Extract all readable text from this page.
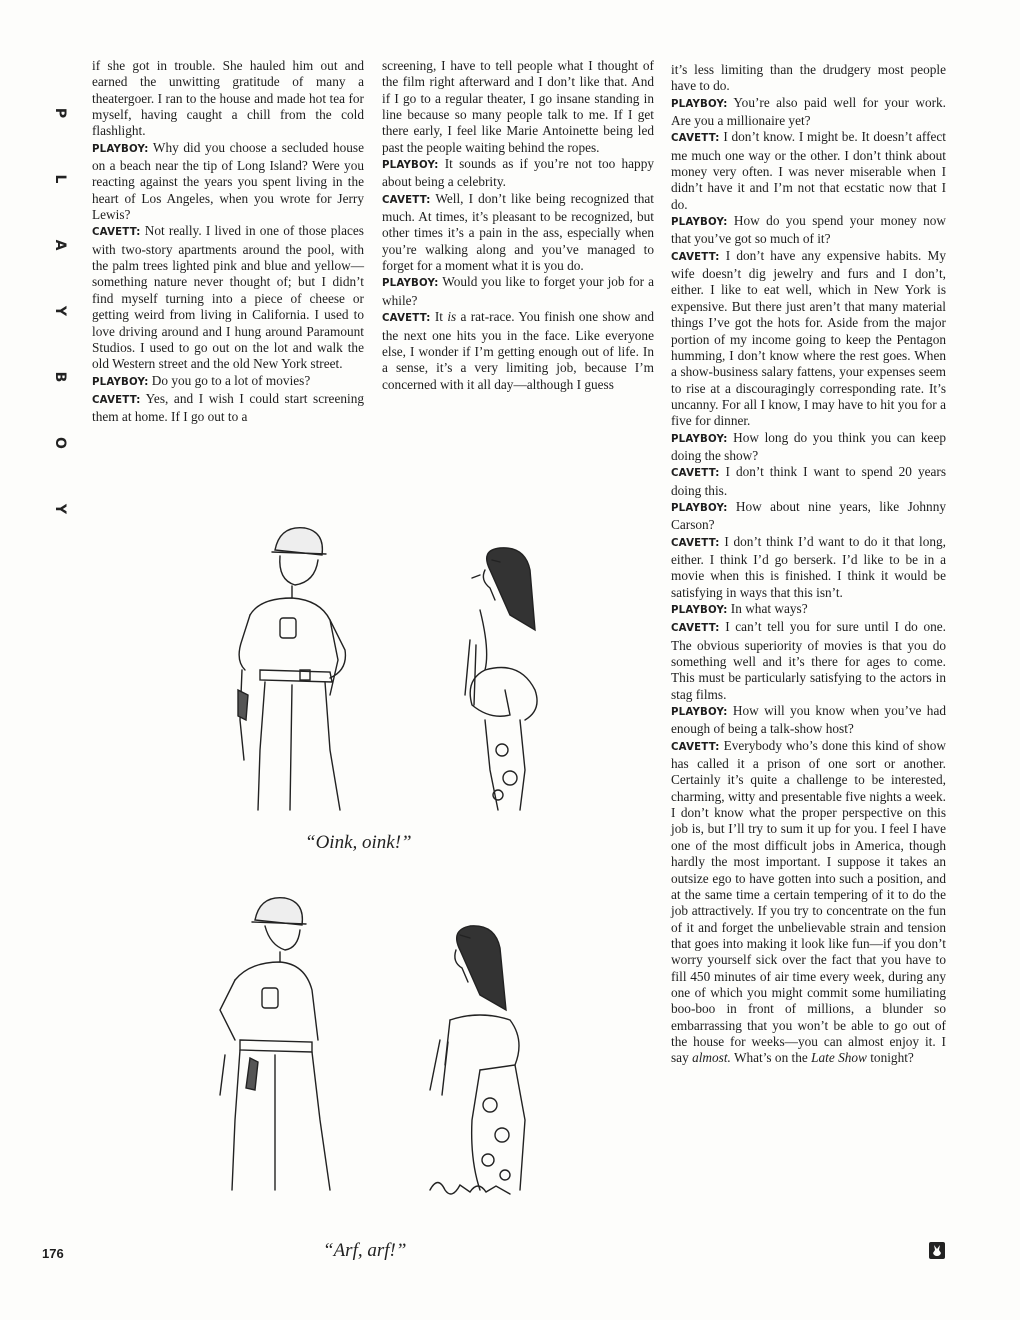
P

L

A

Y

B

O

Y

if she got in trouble. She hauled him out and earned the unwitting gratitude of many a theatergoer. I ran to the house and made hot tea for myself, having caught a chill from the cold flashlight.

PLAYBOY: Why did you choose a secluded house on a beach near the tip of Long Island? Were you reacting against the years you spent living in the heart of Los Angeles, when you wrote for Jerry Lewis?

CAVETT: Not really. I lived in one of those places with two-story apartments around the pool, with the palm trees lighted pink and blue and yellow—something nature never thought of; but I didn’t find myself turning into a piece of cheese or getting weird from living in California. I used to love driving around and I hung around Paramount Studios. I used to go out on the lot and walk the old Western street and the old New York street.

PLAYBOY: Do you go to a lot of movies?

CAVETT: Yes, and I wish I could start screening them at home. If I go out to a

screening, I have to tell people what I thought of the film right afterward and I don’t like that. And if I go to a regular theater, I go insane standing in line because so many people talk to me. If I get there early, I feel like Marie Antoinette being led past the people waiting behind the ropes.

PLAYBOY: It sounds as if you’re not too happy about being a celebrity.

CAVETT: Well, I don’t like being recognized that much. At times, it’s pleasant to be recognized, but other times it’s a pain in the ass, especially when you’re walking along and you’ve managed to forget for a moment what it is you do.

PLAYBOY: Would you like to forget your job for a while?

CAVETT: It is a rat-race. You finish one show and the next one hits you in the face. Like everyone else, I wonder if I’m getting enough out of life. In a sense, it’s a very limiting job, because I’m concerned with it all day—although I guess

it’s less limiting than the drudgery most people have to do.

PLAYBOY: You’re also paid well for your work. Are you a millionaire yet?

CAVETT: I don’t know. I might be. It doesn’t affect me much one way or the other. I don’t think about money very often. I was never miserable when I didn’t have it and I’m not that ecstatic now that I do.

PLAYBOY: How do you spend your money now that you’ve got so much of it?

CAVETT: I don’t have any expensive habits. My wife doesn’t dig jewelry and furs and I don’t, either. I like to eat well, which in New York is expensive. But there just aren’t that many material things I’ve got the hots for. Aside from the major portion of my income going to keep the Pentagon humming, I don’t know where the rest goes. When a show-business salary fattens, your expenses seem to rise at a discouragingly corresponding rate. It’s uncanny. For all I know, I may have to hit you for a five for dinner.

PLAYBOY: How long do you think you can keep doing the show?

CAVETT: I don’t think I want to spend 20 years doing this.

PLAYBOY: How about nine years, like Johnny Carson?

CAVETT: I don’t think I’d want to do it that long, either. I think I’d go berserk. I’d like to be in a movie when this is finished. I think it would be satisfying in ways that this isn’t.

PLAYBOY: In what ways?

CAVETT: I can’t tell you for sure until I do one. The obvious superiority of movies is that you do something well and it’s there for ages to come. This must be particularly satisfying to the actors in stag films.

PLAYBOY: How will you know when you’ve had enough of being a talk-show host?

CAVETT: Everybody who’s done this kind of show has called it a prison of one sort or another. Certainly it’s quite a challenge to be interested, charming, witty and presentable five nights a week. I don’t know what the proper perspective on this job is, but I’ll try to sum it up for you. I feel I have one of the most difficult jobs in America, though hardly the most important. I suppose it takes an outsize ego to have gotten into such a position, and at the same time a certain tempering of it to do the job attractively. If you try to concentrate on the fun of it and forget the unbelievable strain and tension that goes into making it look like fun—if you don’t worry yourself sick over the fact that you have to fill 450 minutes of air time every week, during any one of which you might commit some humiliating boo-boo in front of millions, a blunder so embarrassing that you won’t be able to go out of the house for weeks—you can almost enjoy it. I say almost. What’s on the Late Show tonight?

“Oink, oink!”
“Arf, arf!”
176
